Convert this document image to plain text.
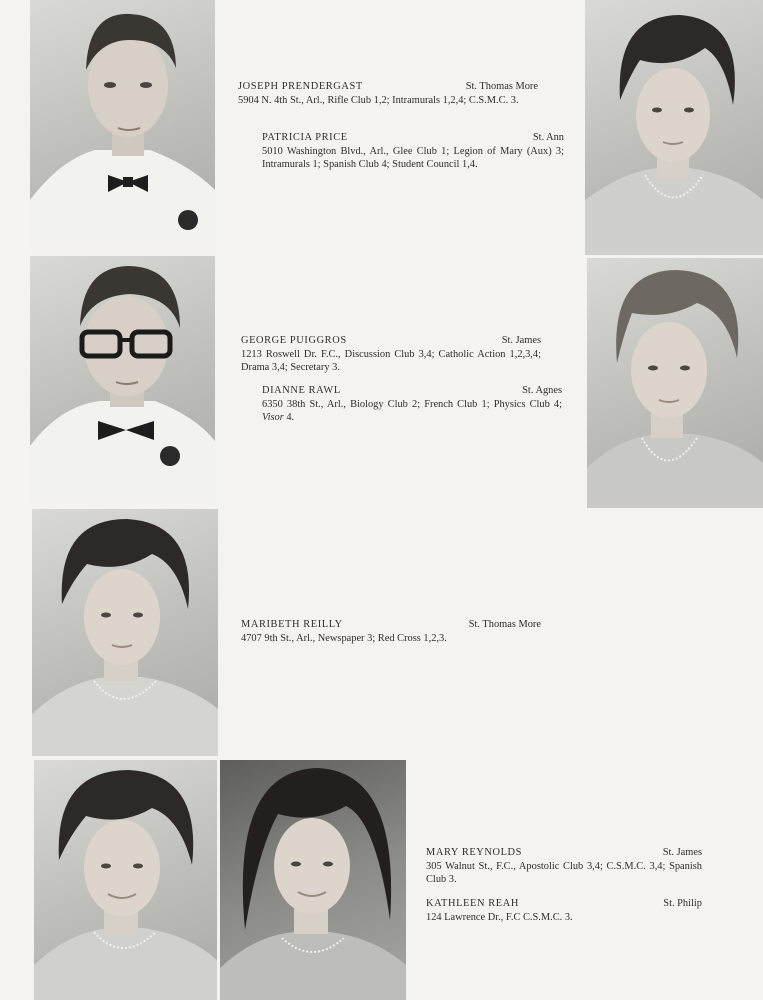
JOSEPH PRENDERGAST	St. Thomas More
5904 N. 4th St., Arl., Rifle Club 1,2; Intramurals 1,2,4; C.S.M.C. 3.
PATRICIA PRICE	St. Ann
5010 Washington Blvd., Arl., Glee Club 1; Legion of Mary (Aux) 3; Intramurals 1; Spanish Club 4; Student Council 1,4.
GEORGE PUIGGROS	St. James
1213 Roswell Dr. F.C., Discussion Club 3,4; Catholic Action 1,2,3,4; Drama 3,4; Secretary 3.
DIANNE RAWL	St. Agnes
6350 38th St., Arl., Biology Club 2; French Club 1; Physics Club 4; Visor 4.
MARIBETH REILLY	St. Thomas More
4707 9th St., Arl., Newspaper 3; Red Cross 1,2,3.
MARY REYNOLDS	St. James
305 Walnut St., F.C., Apostolic Club 3,4; C.S.M.C. 3,4; Spanish Club 3.
KATHLEEN REAH	St. Philip
124 Lawrence Dr., F.C C.S.M.C. 3.
